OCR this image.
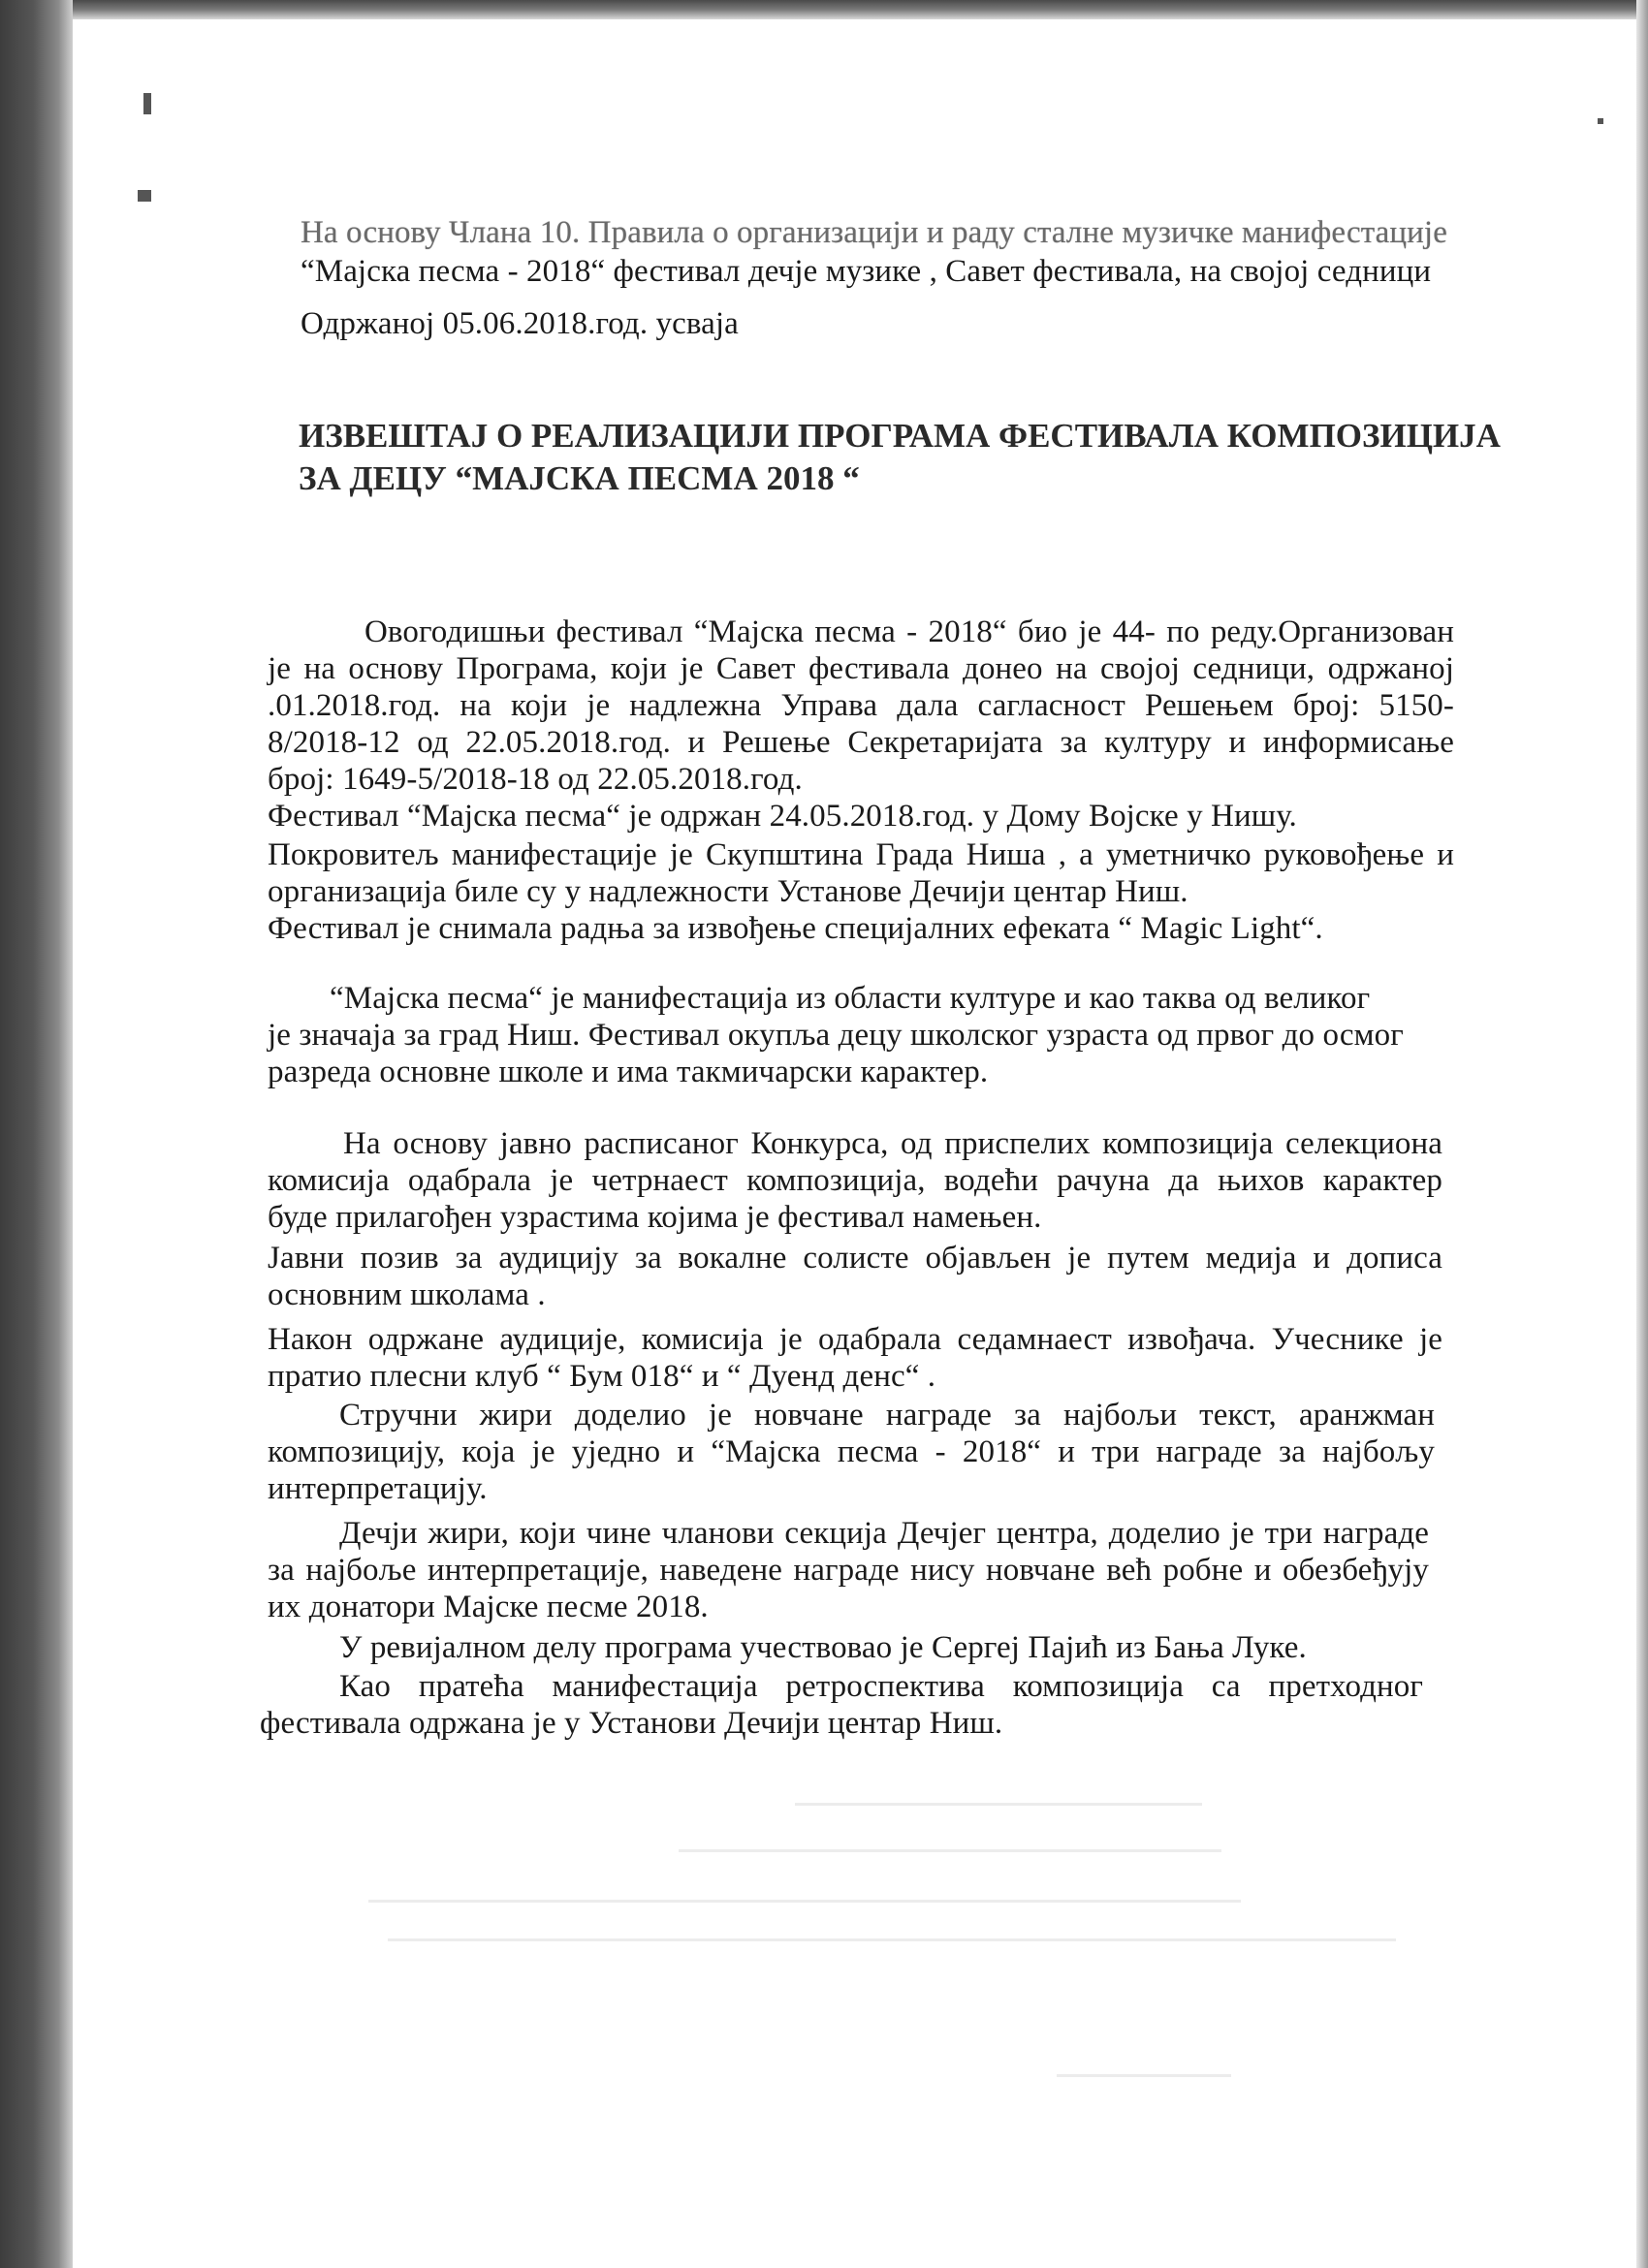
На основу Члана 10. Правила о организацији и раду сталне музичке манифестације
“Мајска песма - 2018“ фестивал дечје музике , Савет фестивала, на својој седници
Одржаној 05.06.2018.год. усваја
ИЗВЕШТАЈ О РЕАЛИЗАЦИЈИ ПРОГРАМА ФЕСТИВАЛА КОМПОЗИЦИЈА
ЗА ДЕЦУ “МАЈСКА ПЕСМА 2018 “
Овогодишњи фестивал “Мајска песма - 2018“ био је 44- по реду.Организован
је на основу Програма, који је Савет фестивала донео на својој седници, одржаној
.01.2018.год. на који је надлежна Управа дала сагласност Решењем број: 5150-
8/2018-12 од 22.05.2018.год. и Решење Секретаријата за културу и информисање
број: 1649-5/2018-18 од 22.05.2018.год.
Фестивал “Мајска песма“ је одржан 24.05.2018.год. у Дому Војске у Нишу.
Покровитељ манифестације је Скупштина Града Ниша , а уметничко руковођење и
организација биле су у надлежности Установе Дечији центар Ниш.
Фестивал је снимала радња за извођење специјалних ефеката “ Magic Light“.
“Мајска песма“ је манифестација из области културе и као таква од великог
је значаја за град Ниш. Фестивал окупља децу школског узраста од првог до осмог
разреда основне школе и има такмичарски карактер.
На основу јавно расписаног Конкурса, од приспелих композиција селекциона
комисија одабрала је четрнаест композиција, водећи рачуна да њихов карактер
буде прилагођен узрастима којима је фестивал намењен.
Јавни позив за аудицију за вокалне солисте објављен је путем медија и дописа
основним школама .
Након одржане аудиције, комисија је одабрала седамнаест извођача. Учеснике је
пратио плесни клуб “ Бум 018“ и “ Дуенд денс“ .
Стручни жири доделио је новчане награде за најбољи текст, аранжман
композицију, која је уједно и “Мајска песма - 2018“ и три награде за најбољу
интерпретацију.
Дечји жири, који чине чланови секција Дечјег центра, доделио је три награде
за најбоље интерпретације, наведене награде нису новчане већ робне и обезбеђују
их донатори Мајске песме 2018.
У ревијалном делу програма учествовао је Сергеј Пајић из Бања Луке.
Као пратећа манифестација ретроспектива композиција са претходног
фестивала одржана је у Установи Дечији центар Ниш.
